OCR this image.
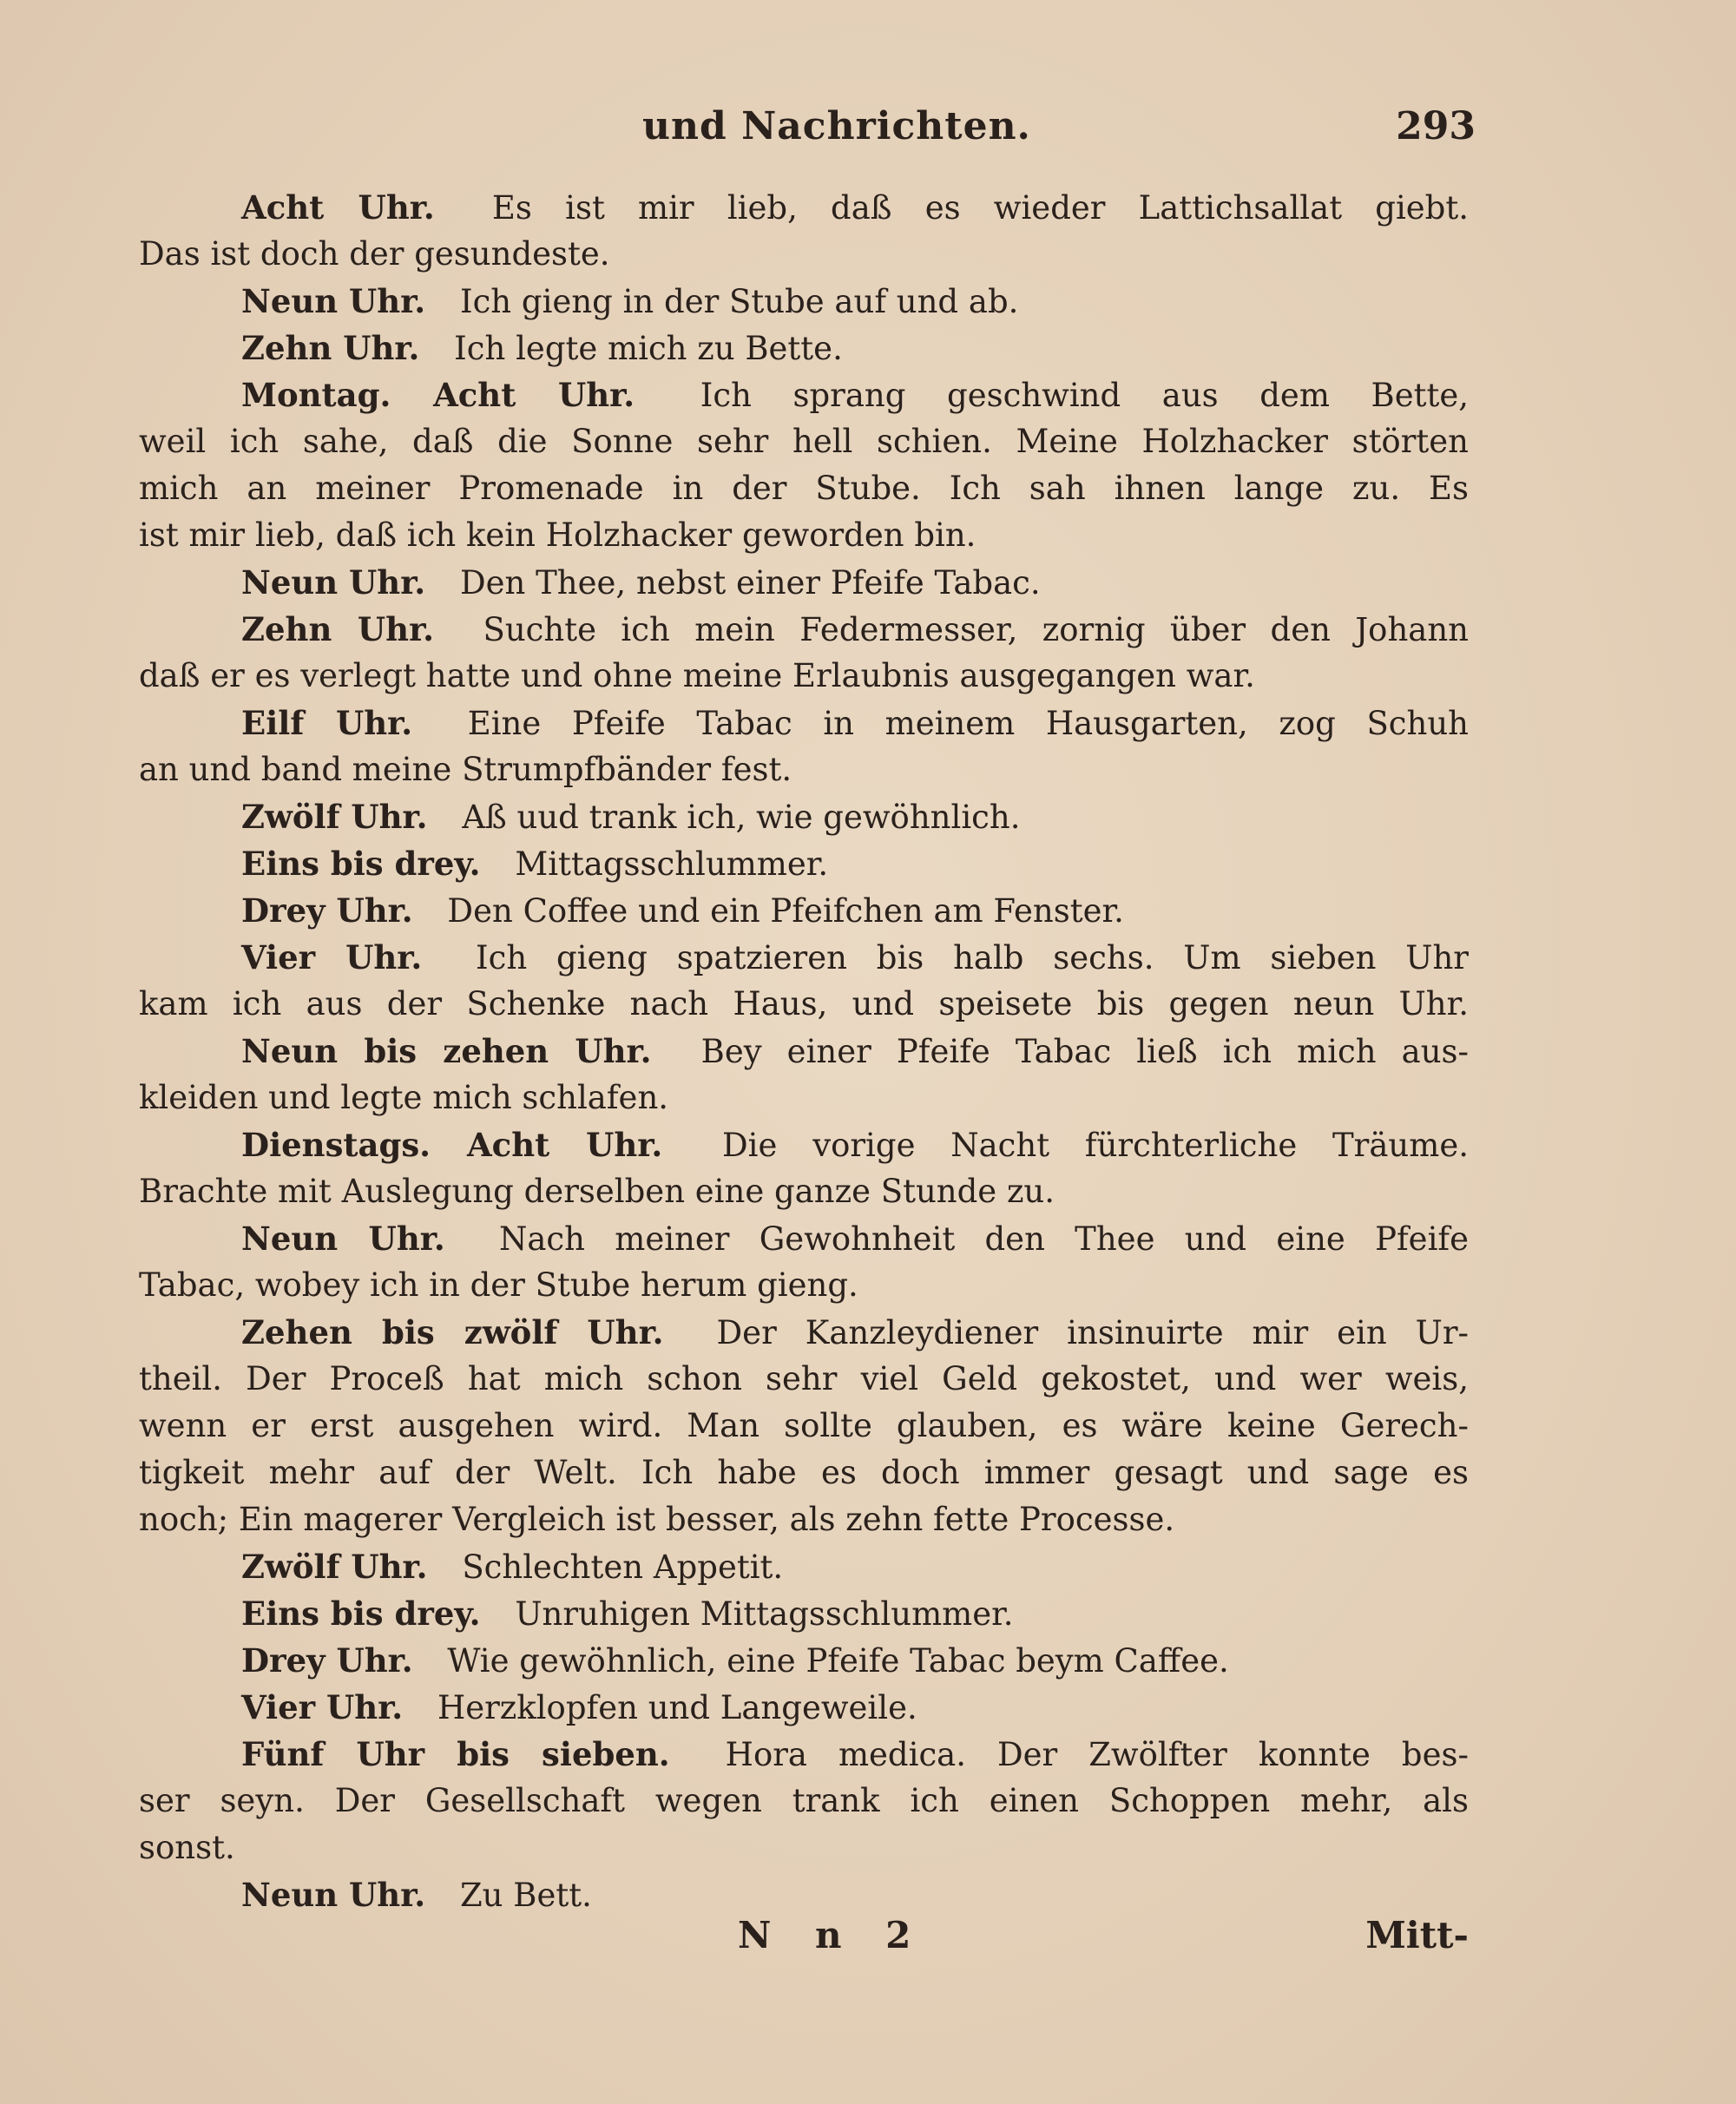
und Nachrichten.	293
Acht Uhr. Es ist mir lieb, daß es wieder Lattichsallat giebt.
Das ist doch der gesundeste.
Neun Uhr. Ich gieng in der Stube auf und ab.
Zehn Uhr. Ich legte mich zu Bette.
Montag. Acht Uhr. Ich sprang geschwind aus dem Bette,
weil ich sahe, daß die Sonne sehr hell schien. Meine Holzhacker störten
mich an meiner Promenade in der Stube. Ich sah ihnen lange zu. Es
ist mir lieb, daß ich kein Holzhacker geworden bin.
Neun Uhr. Den Thee, nebst einer Pfeife Tabac.
Zehn Uhr. Suchte ich mein Federmesser, zornig über den Johann
daß er es verlegt hatte und ohne meine Erlaubnis ausgegangen war.
Eilf Uhr. Eine Pfeife Tabac in meinem Hausgarten, zog Schuh
an und band meine Strumpfbänder fest.
Zwölf Uhr. Aß uud trank ich, wie gewöhnlich.
Eins bis drey. Mittagsschlummer.
Drey Uhr. Den Coffee und ein Pfeifchen am Fenster.
Vier Uhr. Ich gieng spatzieren bis halb sechs. Um sieben Uhr
kam ich aus der Schenke nach Haus, und speisete bis gegen neun Uhr.
Neun bis zehen Uhr. Bey einer Pfeife Tabac ließ ich mich aus-
kleiden und legte mich schlafen.
Dienstags. Acht Uhr. Die vorige Nacht fürchterliche Träume.
Brachte mit Auslegung derselben eine ganze Stunde zu.
Neun Uhr. Nach meiner Gewohnheit den Thee und eine Pfeife
Tabac, wobey ich in der Stube herum gieng.
Zehen bis zwölf Uhr. Der Kanzleydiener insinuirte mir ein Ur-
theil. Der Proceß hat mich schon sehr viel Geld gekostet, und wer weis,
wenn er erst ausgehen wird. Man sollte glauben, es wäre keine Gerech-
tigkeit mehr auf der Welt. Ich habe es doch immer gesagt und sage es
noch; Ein magerer Vergleich ist besser, als zehn fette Processe.
Zwölf Uhr. Schlechten Appetit.
Eins bis drey. Unruhigen Mittagsschlummer.
Drey Uhr. Wie gewöhnlich, eine Pfeife Tabac beym Caffee.
Vier Uhr. Herzklopfen und Langeweile.
Fünf Uhr bis sieben. Hora medica. Der Zwölfter konnte bes-
ser seyn. Der Gesellschaft wegen trank ich einen Schoppen mehr, als
sonst.
Neun Uhr. Zu Bett.
N n 2	Mitt-
